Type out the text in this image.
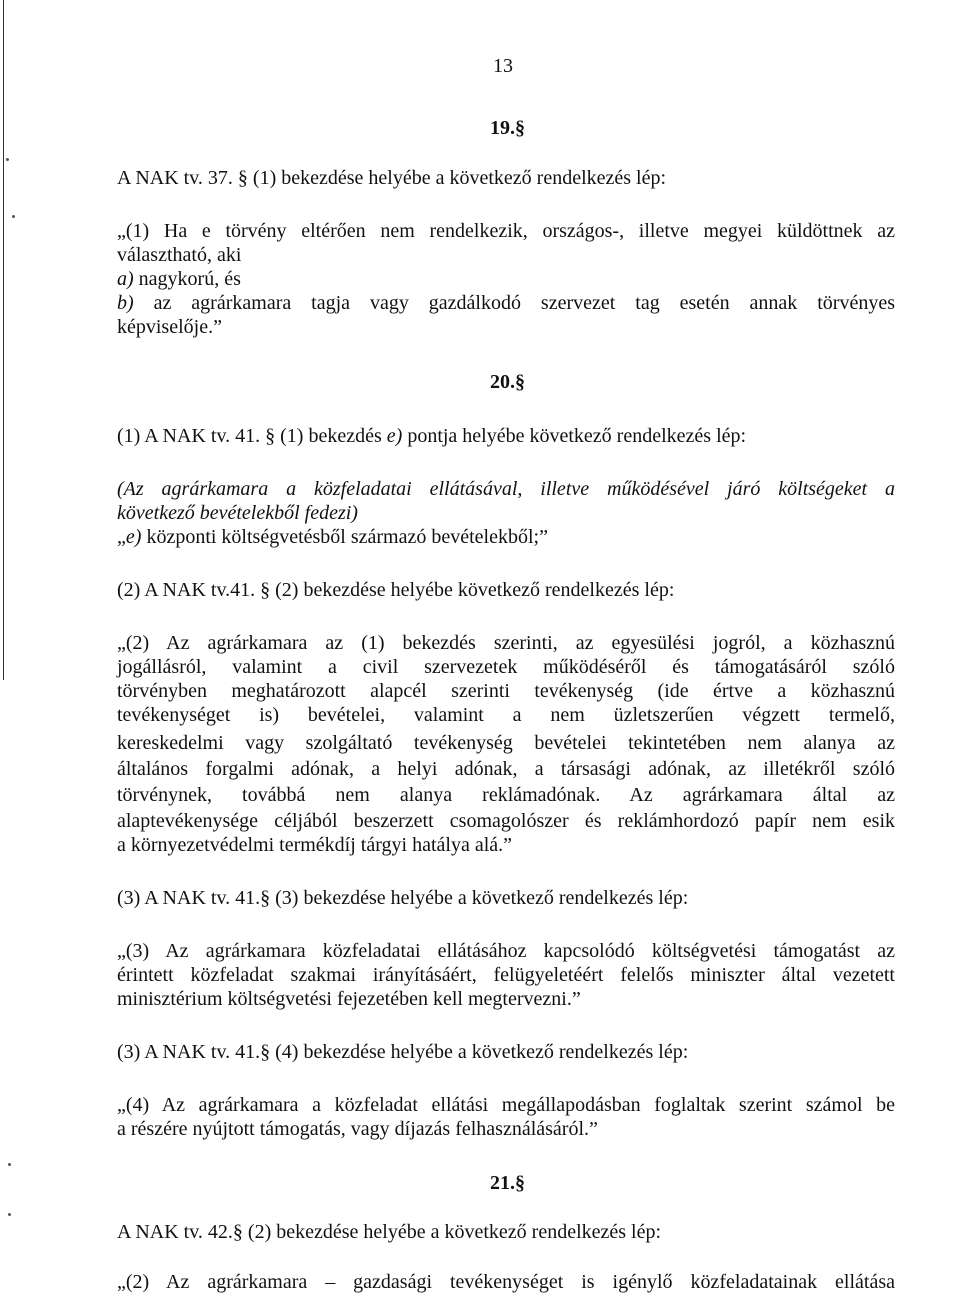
13
19.§
A NAK tv. 37. § (1) bekezdése helyébe a következő rendelkezés lép:
„(1) Ha e törvény eltérően nem rendelkezik, országos-, illetve megyei küldöttnek az
választható, aki
a) nagykorú, és
b) az agrárkamara tagja vagy gazdálkodó szervezet tag esetén annak törvényes
képviselője.”
20.§
(1) A NAK tv. 41. § (1) bekezdés e) pontja helyébe következő rendelkezés lép:
(Az agrárkamara a közfeladatai ellátásával, illetve működésével járó költségeket a
következő bevételekből fedezi)
„e) központi költségvetésből származó bevételekből;”
(2) A NAK tv.41. § (2) bekezdése helyébe következő rendelkezés lép:
„(2) Az agrárkamara az (1) bekezdés szerinti, az egyesülési jogról, a közhasznú
jogállásról, valamint a civil szervezetek működéséről és támogatásáról szóló
törvényben meghatározott alapcél szerinti tevékenység (ide értve a közhasznú
tevékenységet is) bevételei, valamint a nem üzletszerűen végzett termelő,
kereskedelmi vagy szolgáltató tevékenység bevételei tekintetében nem alanya az
általános forgalmi adónak, a helyi adónak, a társasági adónak, az illetékről szóló
törvénynek, továbbá nem alanya reklámadónak. Az agrárkamara által az
alaptevékenysége céljából beszerzett csomagolószer és reklámhordozó papír nem esik
a környezetvédelmi termékdíj tárgyi hatálya alá.”
(3) A NAK tv. 41.§ (3) bekezdése helyébe a következő rendelkezés lép:
„(3) Az agrárkamara közfeladatai ellátásához kapcsolódó költségvetési támogatást az
érintett közfeladat szakmai irányításáért, felügyeletéért felelős miniszter által vezetett
minisztérium költségvetési fejezetében kell megtervezni.”
(3) A NAK tv. 41.§ (4) bekezdése helyébe a következő rendelkezés lép:
„(4) Az agrárkamara a közfeladat ellátási megállapodásban foglaltak szerint számol be
a részére nyújtott támogatás, vagy díjazás felhasználásáról.”
21.§
A NAK tv. 42.§ (2) bekezdése helyébe a következő rendelkezés lép:
„(2) Az agrárkamara – gazdasági tevékenységet is igénylő közfeladatainak ellátása
